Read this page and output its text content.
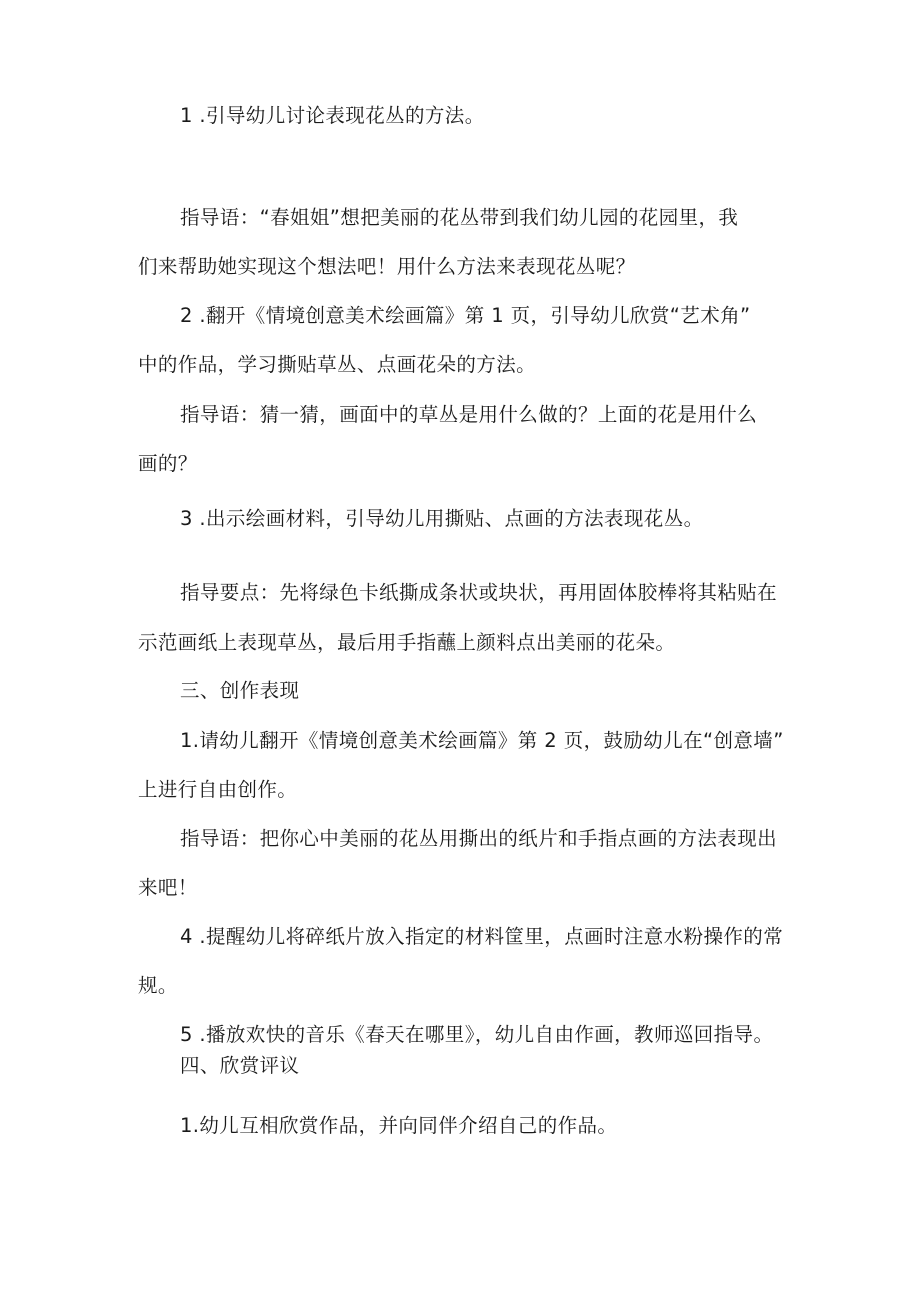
1 .引导幼儿讨论表现花丛的方法。
指导语：“春姐姐”想把美丽的花丛带到我们幼儿园的花园里，我
们来帮助她实现这个想法吧！用什么方法来表现花丛呢？
2 .翻开《情境创意美术绘画篇》第 1 页，引导幼儿欣赏“艺术角”
中的作品，学习撕贴草丛、点画花朵的方法。
指导语：猜一猜，画面中的草丛是用什么做的？上面的花是用什么
画的？
3 .出示绘画材料，引导幼儿用撕贴、点画的方法表现花丛。
指导要点：先将绿色卡纸撕成条状或块状，再用固体胶棒将其粘贴在
示范画纸上表现草丛，最后用手指蘸上颜料点出美丽的花朵。
三、创作表现
1.请幼儿翻开《情境创意美术绘画篇》第 2 页，鼓励幼儿在“创意墙”
上进行自由创作。
指导语：把你心中美丽的花丛用撕出的纸片和手指点画的方法表现出
来吧！
4 .提醒幼儿将碎纸片放入指定的材料筐里，点画时注意水粉操作的常
规。
5 .播放欢快的音乐《春天在哪里》，幼儿自由作画，教师巡回指导。
四、欣赏评议
1.幼儿互相欣赏作品，并向同伴介绍自己的作品。
